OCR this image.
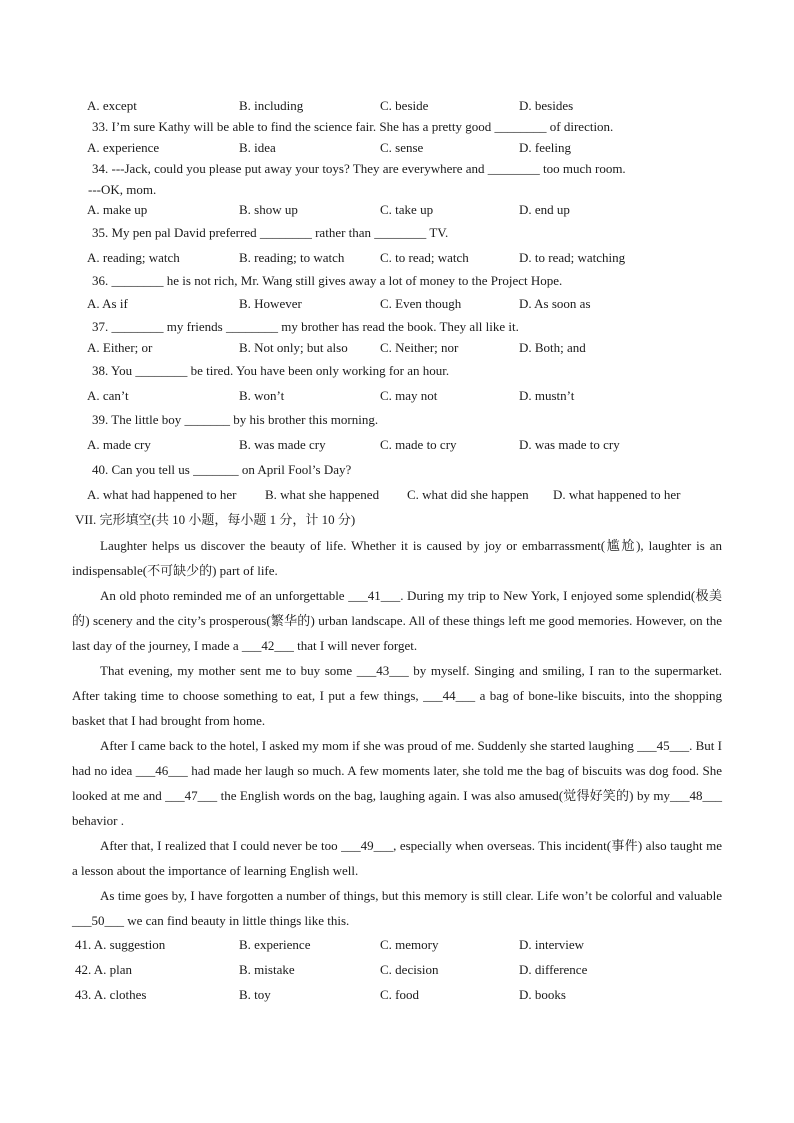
A. except	B. including	C. beside	D. besides
33. I’m sure Kathy will be able to find the science fair. She has a pretty good ________ of direction.
A. experience	B. idea	C. sense	D. feeling
34. ---Jack, could you please put away your toys? They are everywhere and ________ too much room.
---OK, mom.
A. make up	B. show up	C. take up	D. end up
35. My pen pal David preferred ________ rather than ________ TV.
A. reading; watch	B. reading; to watch	C. to read; watch	D. to read; watching
36. ________ he is not rich, Mr. Wang still gives away a lot of money to the Project Hope.
A. As if	B. However	C. Even though	D. As soon as
37. ________ my friends ________ my brother has read the book. They all like it.
A. Either; or	B. Not only; but also C. Neither; nor	D. Both; and
38. You ________ be tired. You have been only working for an hour.
A. can’t	B. won’t	C. may not	D. mustn’t
39. The little boy _______ by his brother this morning.
A. made cry	B. was made cry	C. made to cry	D. was made to cry
40. Can you tell us _______ on April Fool’s Day?
A. what had happened to her B. what she happened C. what did she happen D. what happened to her
VII. 完形填空(共 10 小题，每小题 1 分，计 10 分)

Laughter helps us discover the beauty of life. Whether it is caused by joy or embarrassment(尴尬), laughter is an indispensable(不可缺少的) part of life.

An old photo reminded me of an unforgettable ___41___. During my trip to New York, I enjoyed some splendid(极美的) scenery and the city’s prosperous(繁华的) urban landscape. All of these things left me good memories. However, on the last day of the journey, I made a ___42___ that I will never forget.

That evening, my mother sent me to buy some ___43___ by myself. Singing and smiling, I ran to the supermarket. After taking time to choose something to eat, I put a few things, ___44___ a bag of bone-like biscuits, into the shopping basket that I had brought from home.

After I came back to the hotel, I asked my mom if she was proud of me. Suddenly she started laughing ___45___. But I had no idea ___46___ had made her laugh so much. A few moments later, she told me the bag of biscuits was dog food. She looked at me and ___47___ the English words on the bag, laughing again. I was also amused(觉得好笑的) by my___48___ behavior .

After that, I realized that I could never be too ___49___, especially when overseas. This incident(事件) also taught me a lesson about the importance of learning English well.

As time goes by, I have forgotten a number of things, but this memory is still clear. Life won’t be colorful and valuable ___50___ we can find beauty in little things like this.

41. A. suggestion	B. experience	C. memory	D. interview
42. A. plan	B. mistake	C. decision	D. difference
43. A. clothes	B. toy	C. food	D. books
